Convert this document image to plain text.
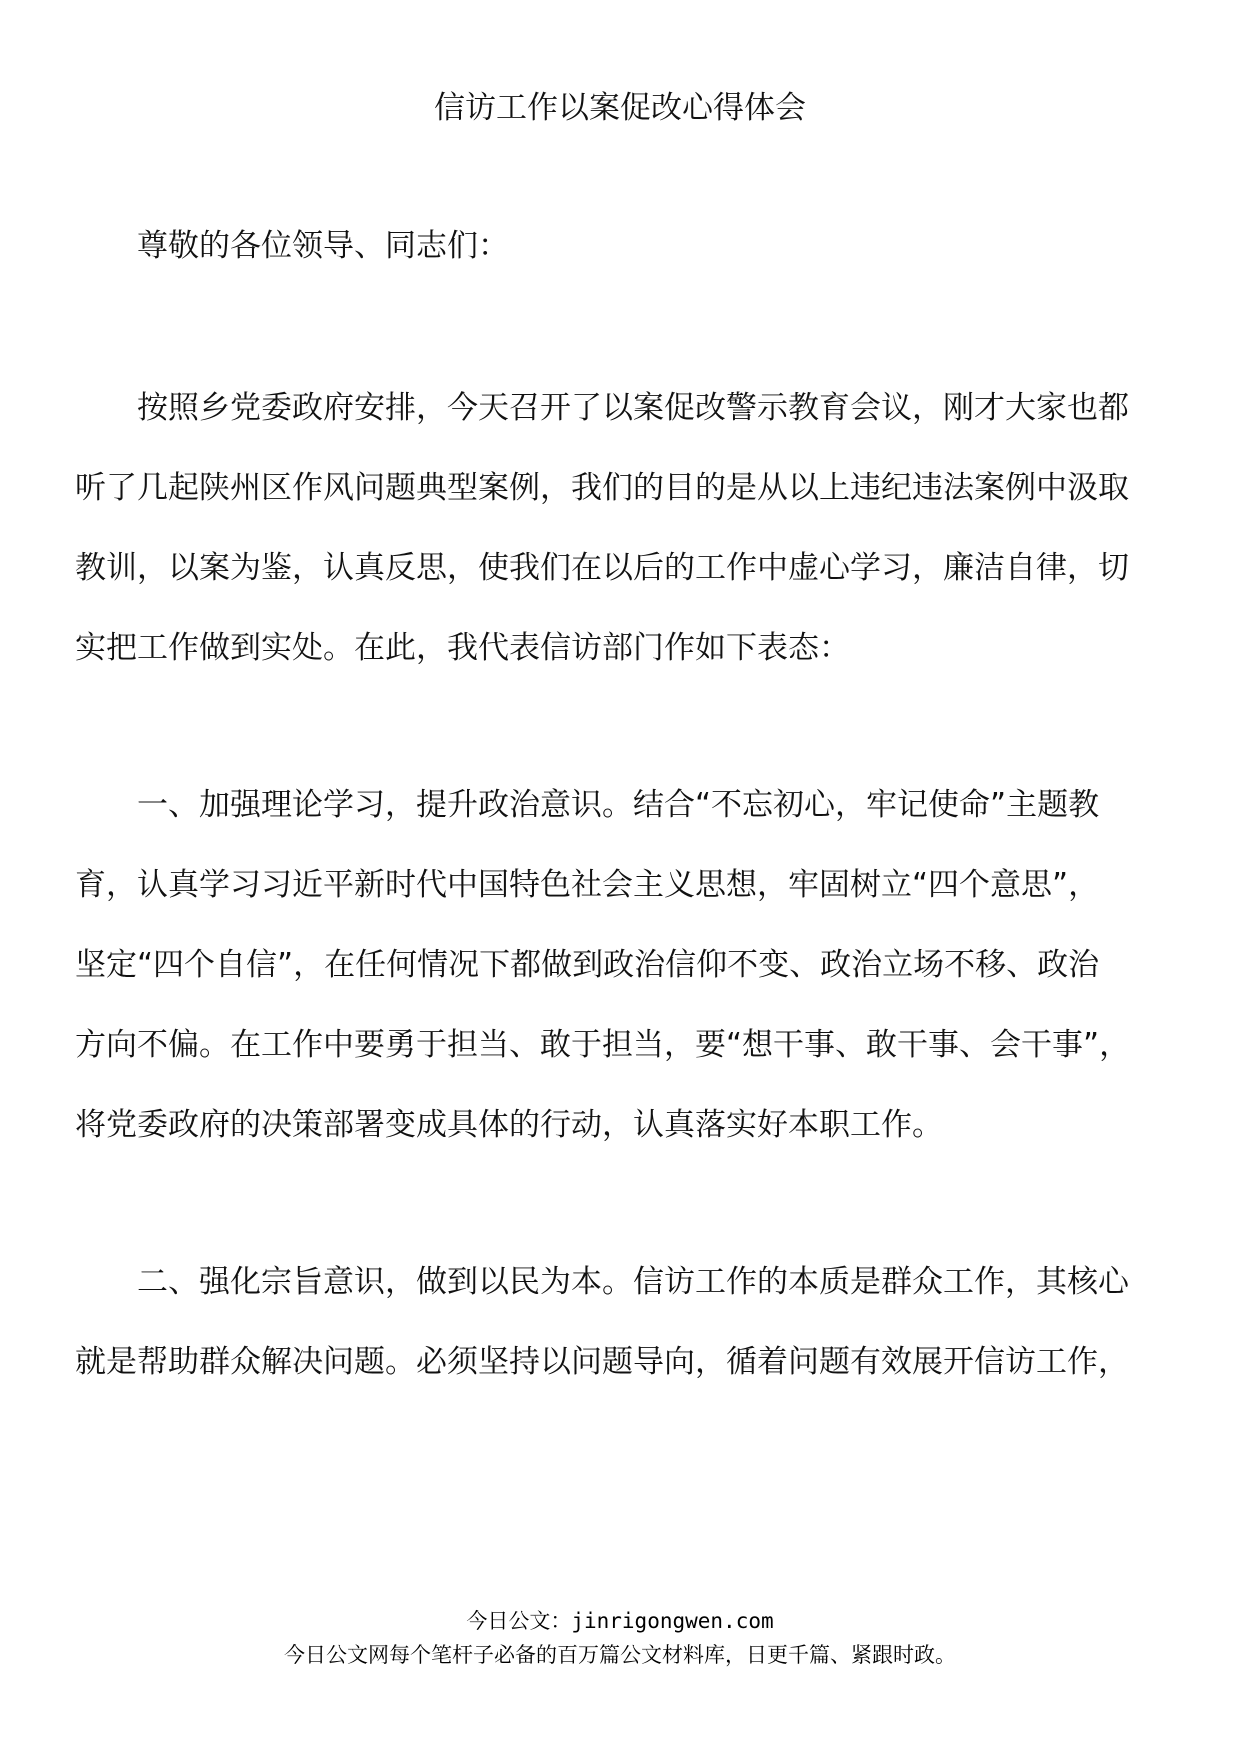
信访工作以案促改心得体会

尊敬的各位领导、同志们：

按照乡党委政府安排，今天召开了以案促改警示教育会议，刚才大家也都

听了几起陕州区作风问题典型案例，我们的目的是从以上违纪违法案例中汲取

教训，以案为鉴，认真反思，使我们在以后的工作中虚心学习，廉洁自律，切

实把工作做到实处。在此，我代表信访部门作如下表态：

一、加强理论学习，提升政治意识。结合“不忘初心，牢记使命”主题教

育，认真学习习近平新时代中国特色社会主义思想，牢固树立“四个意思”，

坚定“四个自信”，在任何情况下都做到政治信仰不变、政治立场不移、政治

方向不偏。在工作中要勇于担当、敢于担当，要“想干事、敢干事、会干事”，

将党委政府的决策部署变成具体的行动，认真落实好本职工作。

二、强化宗旨意识，做到以民为本。信访工作的本质是群众工作，其核心

就是帮助群众解决问题。必须坚持以问题导向，循着问题有效展开信访工作，

今日公文：jinrigongwen.com
今日公文网每个笔杆子必备的百万篇公文材料库，日更千篇、紧跟时政。
